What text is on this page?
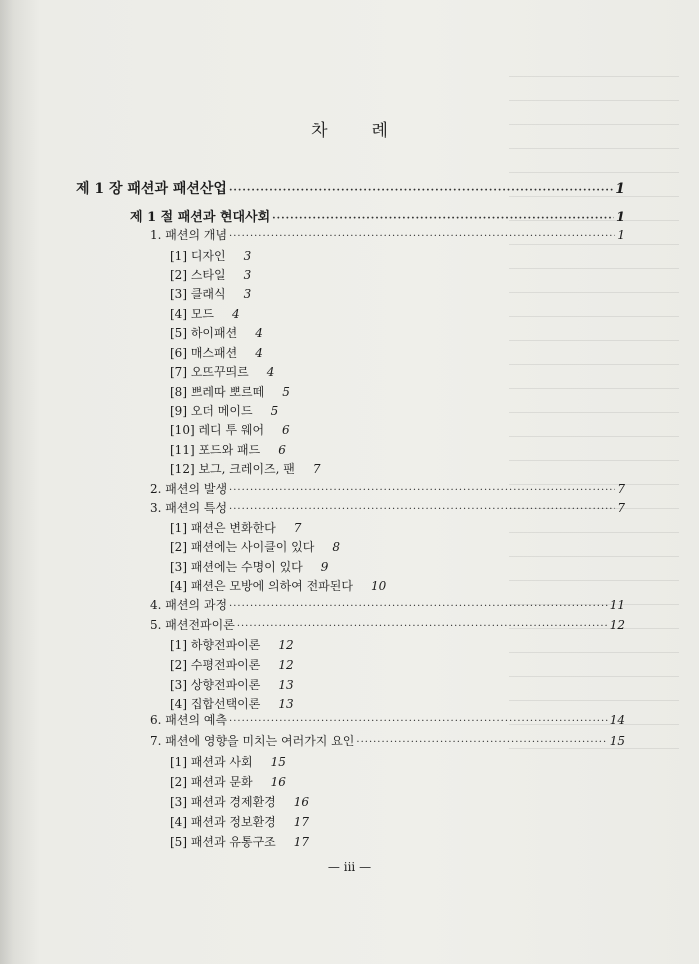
차	례
제 1 장 패션과 패션산업 ·····	1
제 1 절 패션과 현대사회 ·····	1
1. 패션의 개념 ·····	1
[1] 디자인 3
[2] 스타일 3
[3] 클래식 3
[4] 모드 4
[5] 하이패션 4
[6] 매스패션 4
[7] 오뜨꾸띄르 4
[8] 쁘레따 뽀르떼 5
[9] 오더 메이드 5
[10] 레디 투 웨어 6
[11] 포드와 패드 6
[12] 보그, 크레이즈, 팬 7
2. 패션의 발생 ·····	7
3. 패션의 특성 ·····	7
[1] 패션은 변화한다 7
[2] 패션에는 사이클이 있다 8
[3] 패션에는 수명이 있다 9
[4] 패션은 모방에 의하여 전파된다 10
4. 패션의 과정 ·····	11
5. 패션전파이론 ·····	12
[1] 하향전파이론 12
[2] 수평전파이론 12
[3] 상향전파이론 13
[4] 집합선택이론 13
6. 패션의 예측 ·····	14
7. 패션에 영향을 미치는 여러가지 요인 ·····	15
[1] 패션과 사회 15
[2] 패션과 문화 16
[3] 패션과 경제환경 16
[4] 패션과 정보환경 17
[5] 패션과 유통구조 17
— iii —
